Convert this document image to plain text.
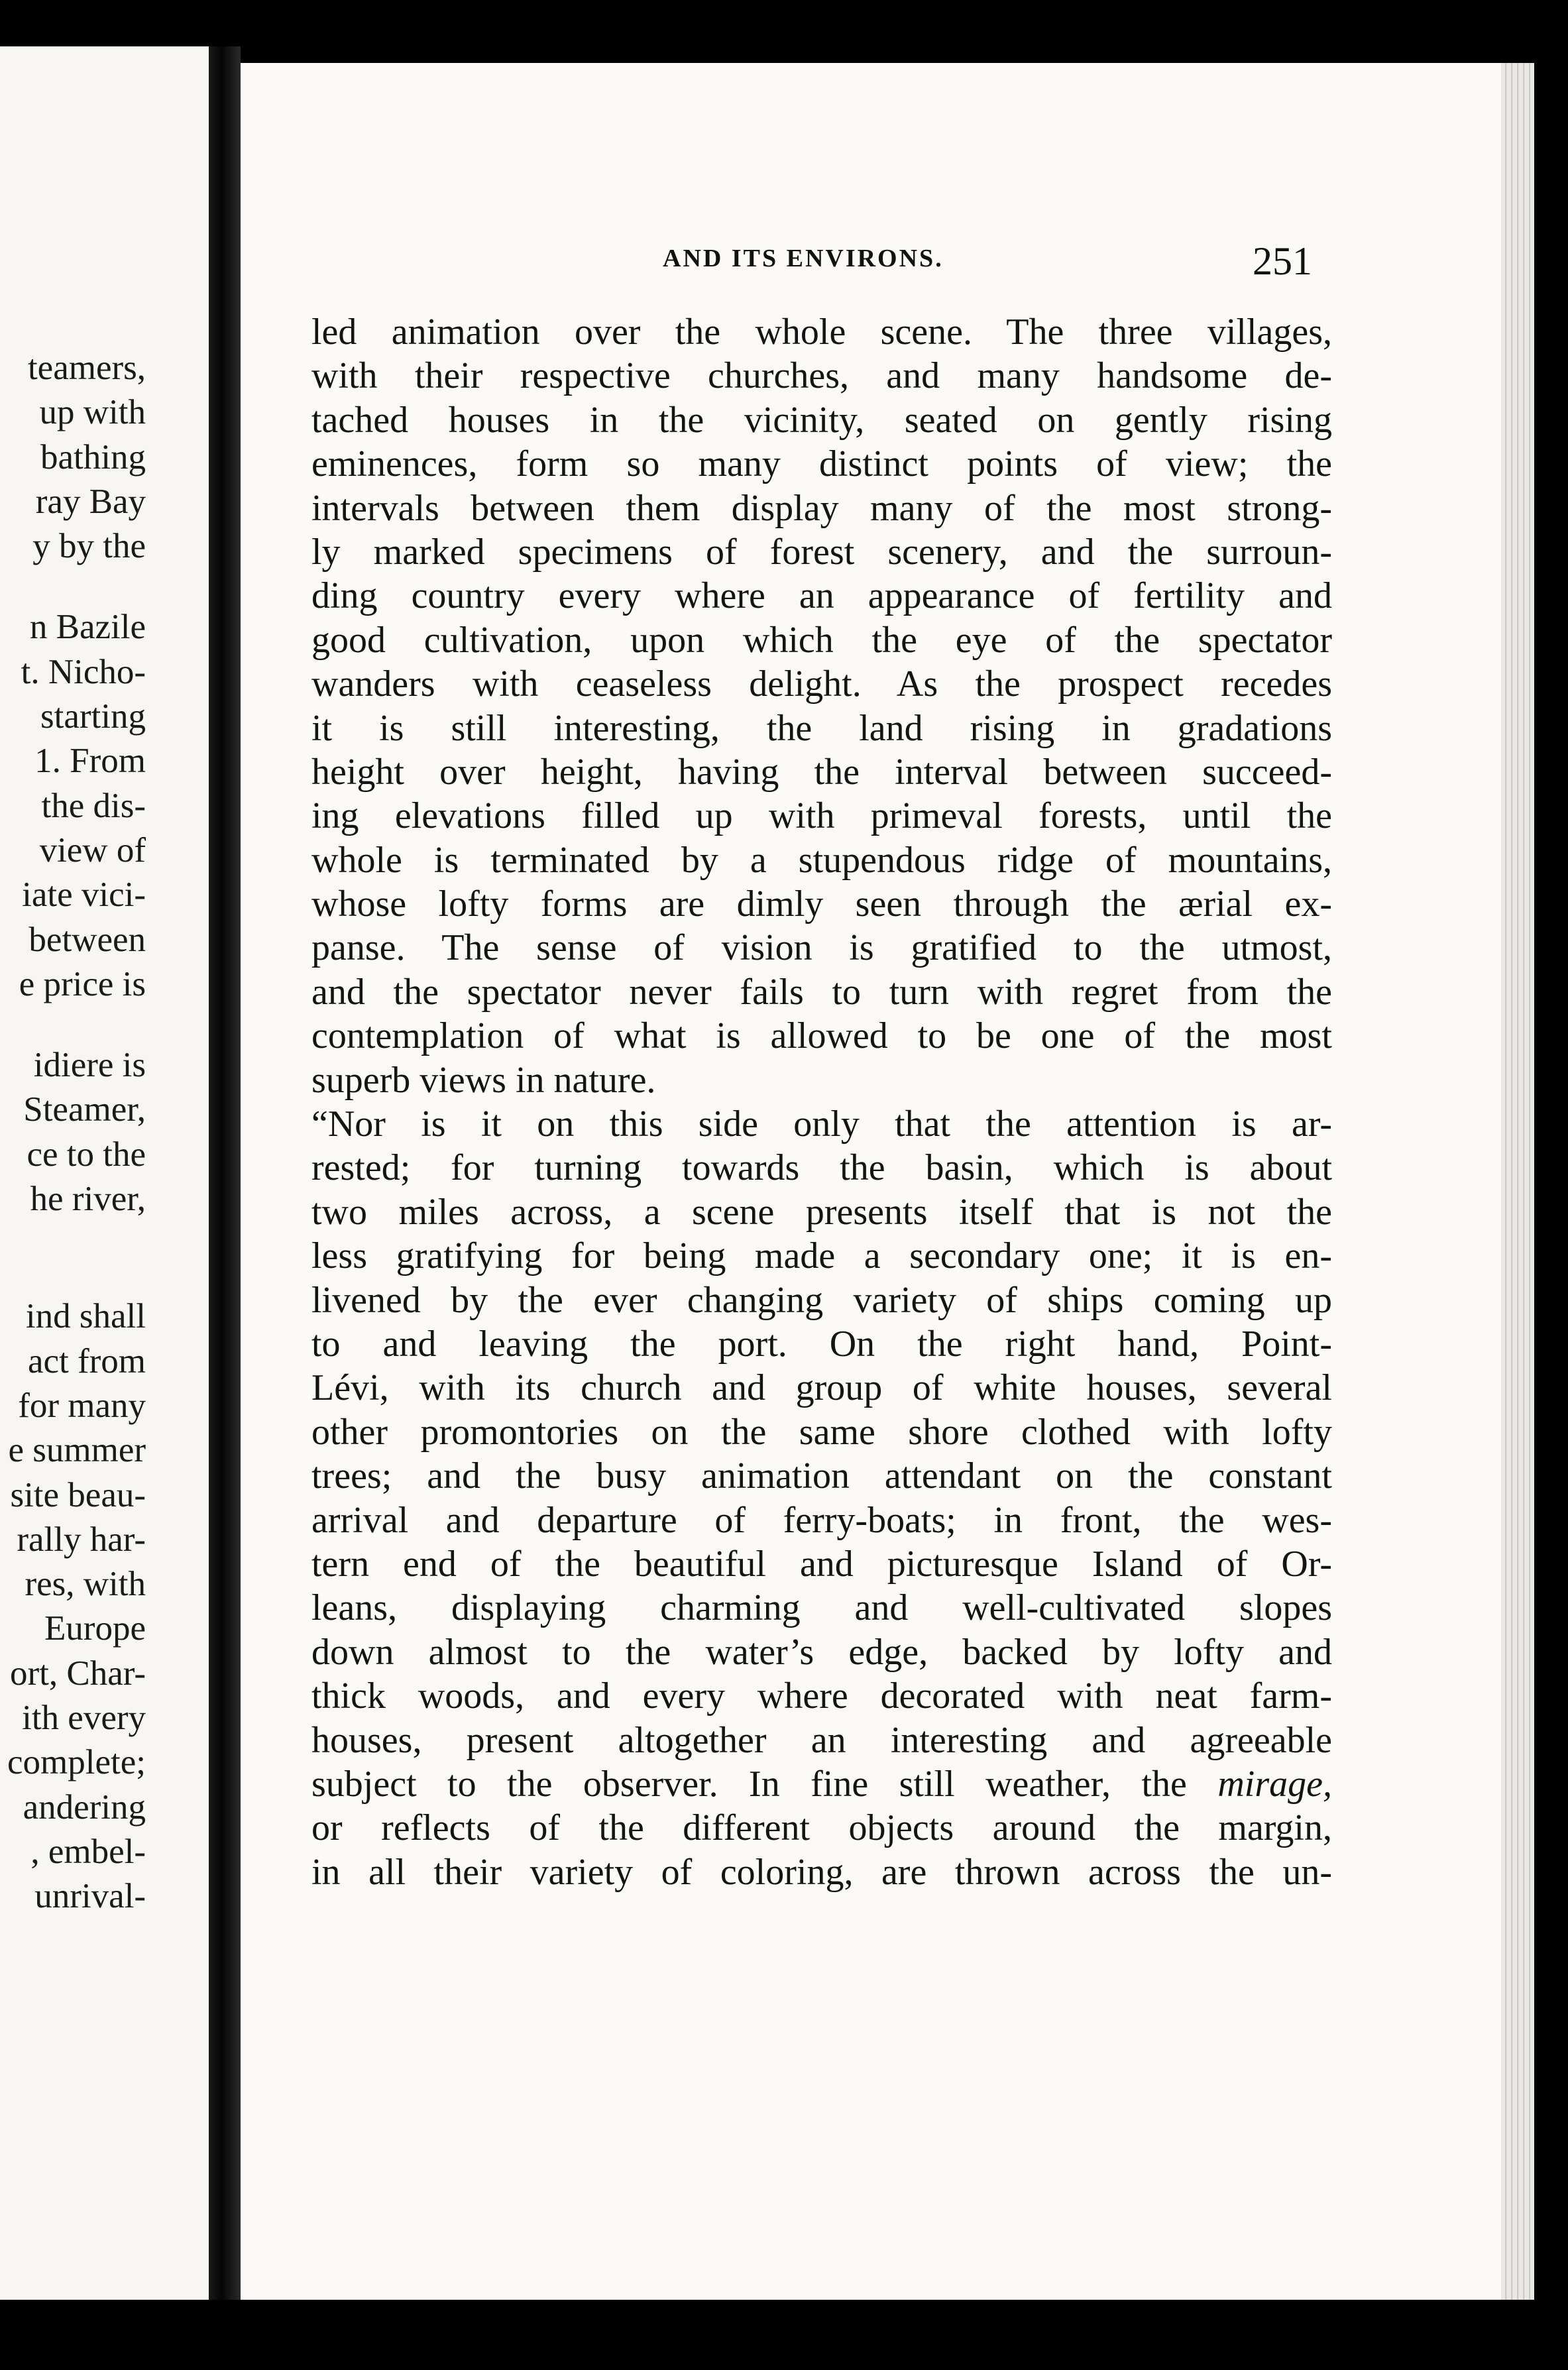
teamers,
up with
bathing
ray Bay
y by the
n Bazile
t. Nicho-
starting
1. From
the dis-
view of
iate vici-
between
e price is
idiere is
Steamer,
ce to the
he river,
ind shall
act from
for many
e summer
site beau-
rally har-
res, with
Europe
ort, Char-
ith every
complete;
andering
, embel-
unrival-
AND ITS ENVIRONS.	251
led animation over the whole scene. The three villages,
with their respective churches, and many handsome de-
tached houses in the vicinity, seated on gently rising
eminences, form so many distinct points of view; the
intervals between them display many of the most strong-
ly marked specimens of forest scenery, and the surroun-
ding country every where an appearance of fertility and
good cultivation, upon which the eye of the spectator
wanders with ceaseless delight. As the prospect recedes
it is still interesting, the land rising in gradations
height over height, having the interval between succeed-
ing elevations filled up with primeval forests, until the
whole is terminated by a stupendous ridge of mountains,
whose lofty forms are dimly seen through the ærial ex-
panse. The sense of vision is gratified to the utmost,
and the spectator never fails to turn with regret from the
contemplation of what is allowed to be one of the most
superb views in nature.
“Nor is it on this side only that the attention is ar-
rested; for turning towards the basin, which is about
two miles across, a scene presents itself that is not the
less gratifying for being made a secondary one; it is en-
livened by the ever changing variety of ships coming up
to and leaving the port. On the right hand, Point-
Lévi, with its church and group of white houses, several
other promontories on the same shore clothed with lofty
trees; and the busy animation attendant on the constant
arrival and departure of ferry-boats; in front, the wes-
tern end of the beautiful and picturesque Island of Or-
leans, displaying charming and well-cultivated slopes
down almost to the water’s edge, backed by lofty and
thick woods, and every where decorated with neat farm-
houses, present altogether an interesting and agreeable
subject to the observer. In fine still weather, the mirage,
or reflects of the different objects around the margin,
in all their variety of coloring, are thrown across the un-
